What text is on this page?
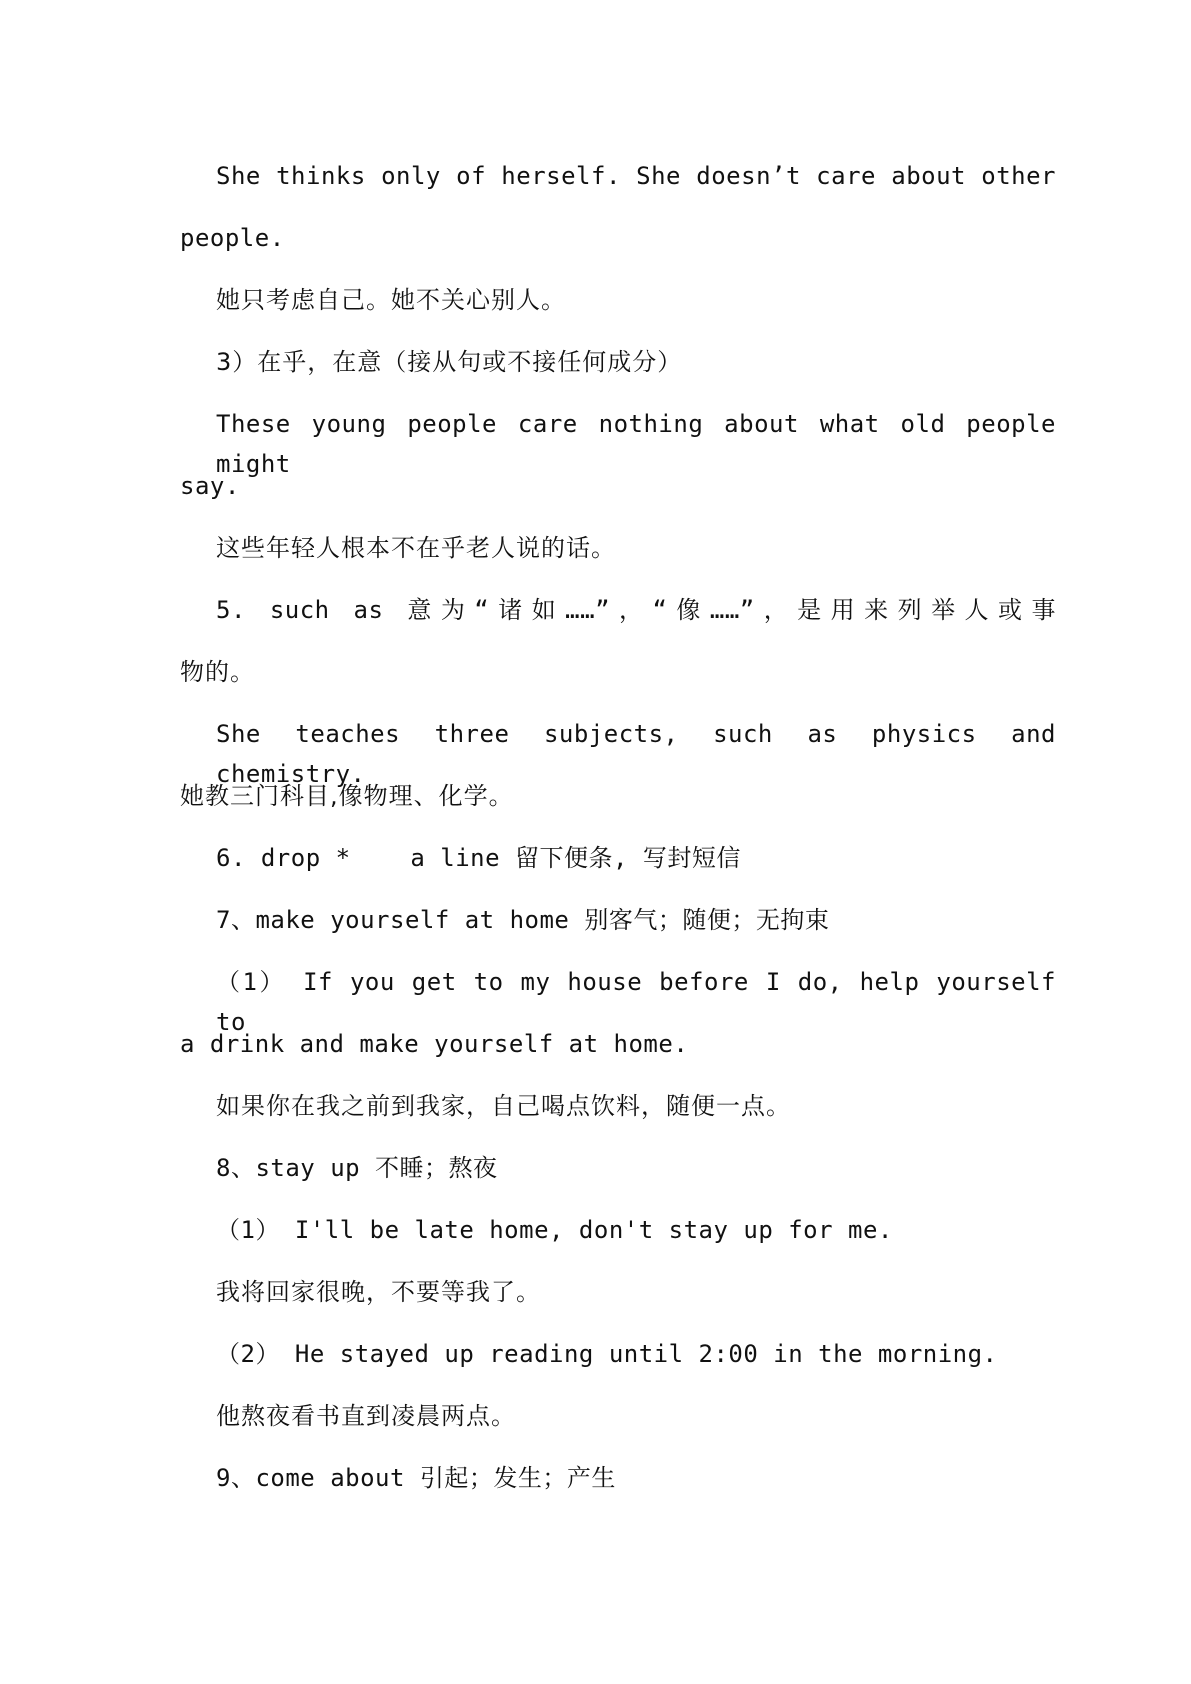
She thinks only of herself. She doesn’t care about other
people.
她只考虑自己。她不关心别人。
3）在乎，在意（接从句或不接任何成分）
These young people care nothing about what old people might
say.
这些年轻人根本不在乎老人说的话。
5. such as 意为“诸如……”，“像……”，是用来列举人或事
物的。
She teaches three subjects, such as physics and chemistry.
她教三门科目,像物理、化学。
6. drop *    a line 留下便条, 写封短信
7、make yourself at home 别客气；随便；无拘束
（1） If you get to my house before I do, help yourself to
a drink and make yourself at home.
如果你在我之前到我家，自己喝点饮料，随便一点。
8、stay up 不睡；熬夜
（1） I'll be late home, don't stay up for me.
我将回家很晚，不要等我了。
（2） He stayed up reading until 2:00 in the morning.
他熬夜看书直到凌晨两点。
9、come about 引起；发生；产生
